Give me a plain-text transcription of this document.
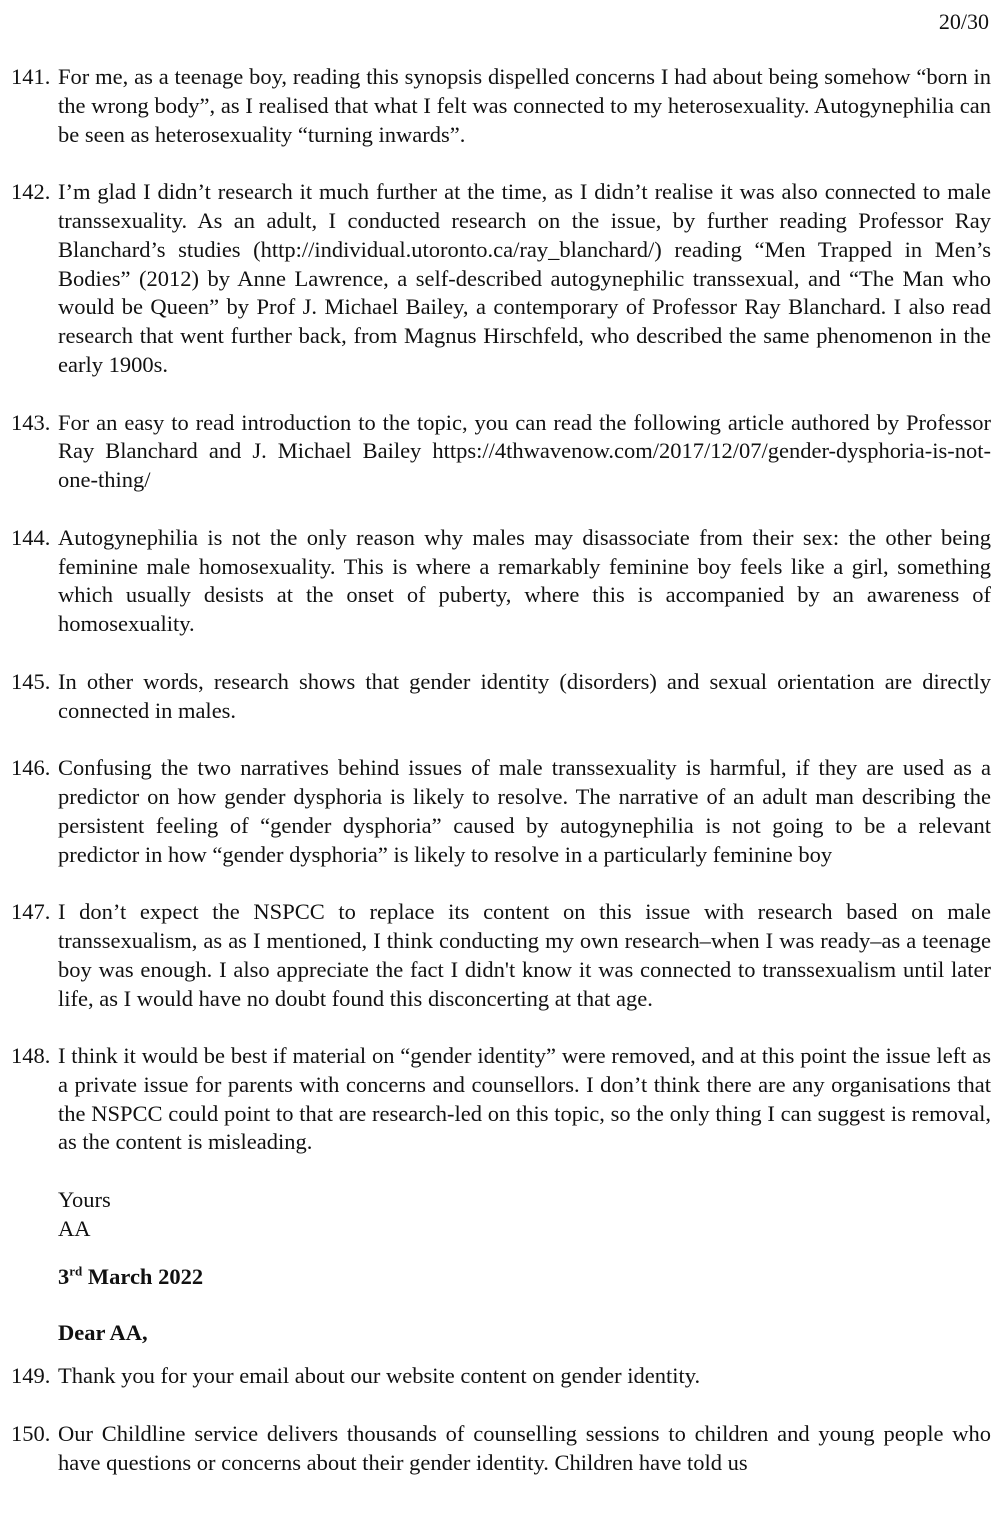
20/30
141. For me, as a teenage boy, reading this synopsis dispelled concerns I had about being somehow “born in the wrong body”, as I realised that what I felt was connected to my heterosexuality. Autogynephilia can be seen as heterosexuality “turning inwards”.
142. I’m glad I didn’t research it much further at the time, as I didn’t realise it was also connected to male transsexuality. As an adult, I conducted research on the issue, by further reading Professor Ray Blanchard’s studies (http://individual.utoronto.ca/ray_blanchard/) reading “Men Trapped in Men’s Bodies” (2012) by Anne Lawrence, a self-described autogynephilic transsexual, and “The Man who would be Queen” by Prof J. Michael Bailey, a contemporary of Professor Ray Blanchard. I also read research that went further back, from Magnus Hirschfeld, who described the same phenomenon in the early 1900s.
143. For an easy to read introduction to the topic, you can read the following article authored by Professor Ray Blanchard and J. Michael Bailey https://4thwavenow.com/2017/12/07/gender-dysphoria-is-not-one-thing/
144. Autogynephilia is not the only reason why males may disassociate from their sex: the other being feminine male homosexuality. This is where a remarkably feminine boy feels like a girl, something which usually desists at the onset of puberty, where this is accompanied by an awareness of homosexuality.
145. In other words, research shows that gender identity (disorders) and sexual orientation are directly connected in males.
146. Confusing the two narratives behind issues of male transsexuality is harmful, if they are used as a predictor on how gender dysphoria is likely to resolve. The narrative of an adult man describing the persistent feeling of “gender dysphoria” caused by autogynephilia is not going to be a relevant predictor in how “gender dysphoria” is likely to resolve in a particularly feminine boy
147. I don’t expect the NSPCC to replace its content on this issue with research based on male transsexualism, as as I mentioned, I think conducting my own research–when I was ready–as a teenage boy was enough. I also appreciate the fact I didn't know it was connected to transsexualism until later life, as I would have no doubt found this disconcerting at that age.
148. I think it would be best if material on “gender identity” were removed, and at this point the issue left as a private issue for parents with concerns and counsellors. I don’t think there are any organisations that the NSPCC could point to that are research-led on this topic, so the only thing I can suggest is removal, as the content is misleading.
Yours
AA
3rd March 2022
Dear AA,
149. Thank you for your email about our website content on gender identity.
150. Our Childline service delivers thousands of counselling sessions to children and young people who have questions or concerns about their gender identity. Children have told us
